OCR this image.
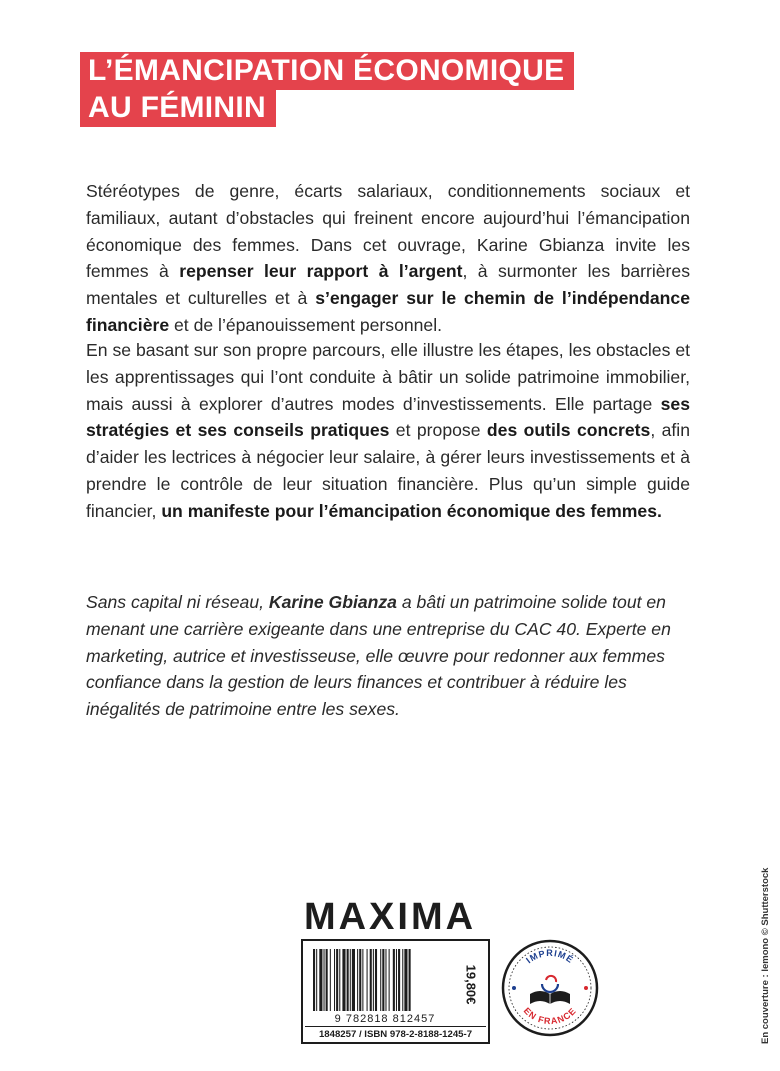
L’ÉMANCIPATION ÉCONOMIQUE
AU FÉMININ

Stéréotypes de genre, écarts salariaux, conditionnements sociaux et familiaux, autant d’obstacles qui freinent encore aujourd’hui l’émancipation économique des femmes. Dans cet ouvrage, Karine Gbianza invite les femmes à repenser leur rapport à l’argent, à surmonter les barrières mentales et culturelles et à s’engager sur le chemin de l’indépendance financière et de l’épanouissement personnel.

En se basant sur son propre parcours, elle illustre les étapes, les obstacles et les apprentissages qui l’ont conduite à bâtir un solide patrimoine immobilier, mais aussi à explorer d’autres modes d’investissements. Elle partage ses stratégies et ses conseils pratiques et propose des outils concrets, afin d’aider les lectrices à négocier leur salaire, à gérer leurs investissements et à prendre le contrôle de leur situation financière. Plus qu’un simple guide financier, un manifeste pour l’émancipation économique des femmes.

Sans capital ni réseau, Karine Gbianza a bâti un patrimoine solide tout en menant une carrière exigeante dans une entreprise du CAC 40. Experte en marketing, autrice et investisseuse, elle œuvre pour redonner aux femmes confiance dans la gestion de leurs finances et contribuer à réduire les inégalités de patrimoine entre les sexes.

MAXIMA
9 782818 812457
19,80€
1848257 / ISBN 978-2-8188-1245-7
IMPRIMÉ
EN FRANCE	En couverture : lemono © Shutterstock
